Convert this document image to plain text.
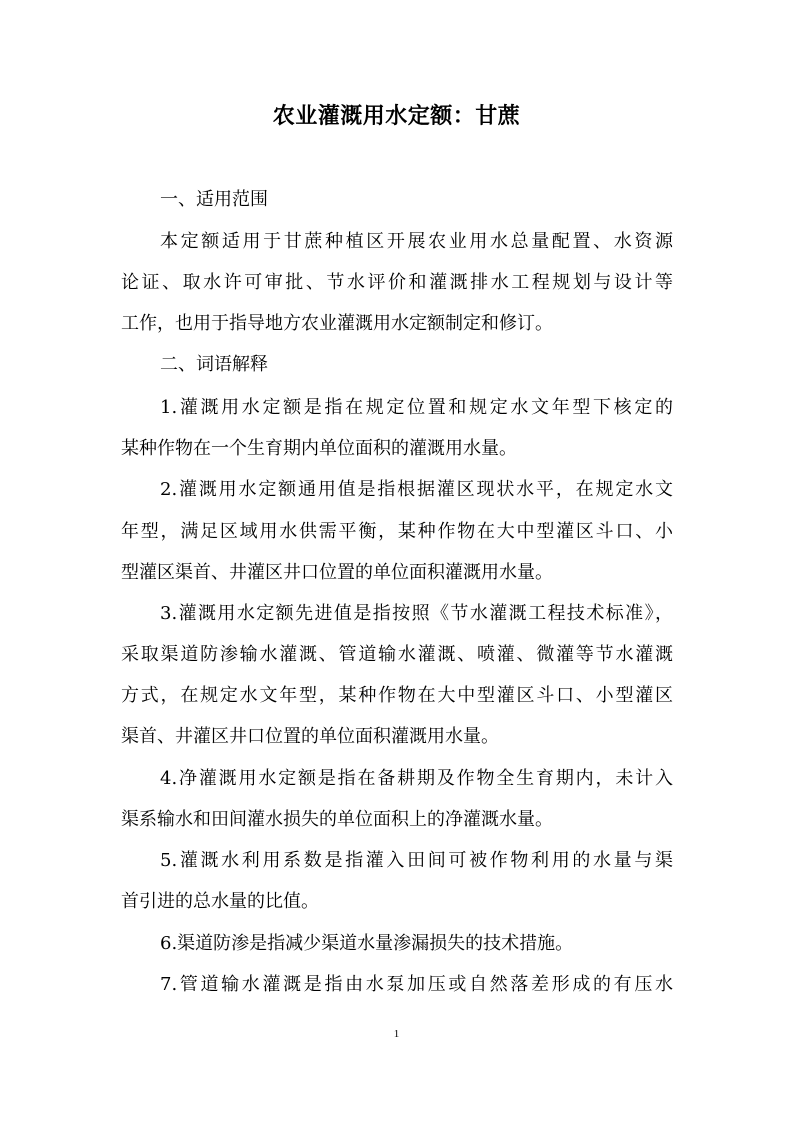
农业灌溉用水定额：甘蔗
一、适用范围
本定额适用于甘蔗种植区开展农业用水总量配置、水资源
论证、取水许可审批、节水评价和灌溉排水工程规划与设计等
工作，也用于指导地方农业灌溉用水定额制定和修订。
二、词语解释
1.灌溉用水定额是指在规定位置和规定水文年型下核定的
某种作物在一个生育期内单位面积的灌溉用水量。
2.灌溉用水定额通用值是指根据灌区现状水平，在规定水文
年型，满足区域用水供需平衡，某种作物在大中型灌区斗口、小
型灌区渠首、井灌区井口位置的单位面积灌溉用水量。
3.灌溉用水定额先进值是指按照《节水灌溉工程技术标准》，
采取渠道防渗输水灌溉、管道输水灌溉、喷灌、微灌等节水灌溉
方式，在规定水文年型，某种作物在大中型灌区斗口、小型灌区
渠首、井灌区井口位置的单位面积灌溉用水量。
4.净灌溉用水定额是指在备耕期及作物全生育期内，未计入
渠系输水和田间灌水损失的单位面积上的净灌溉水量。
5.灌溉水利用系数是指灌入田间可被作物利用的水量与渠
首引进的总水量的比值。
6.渠道防渗是指减少渠道水量渗漏损失的技术措施。
7.管道输水灌溉是指由水泵加压或自然落差形成的有压水
1
